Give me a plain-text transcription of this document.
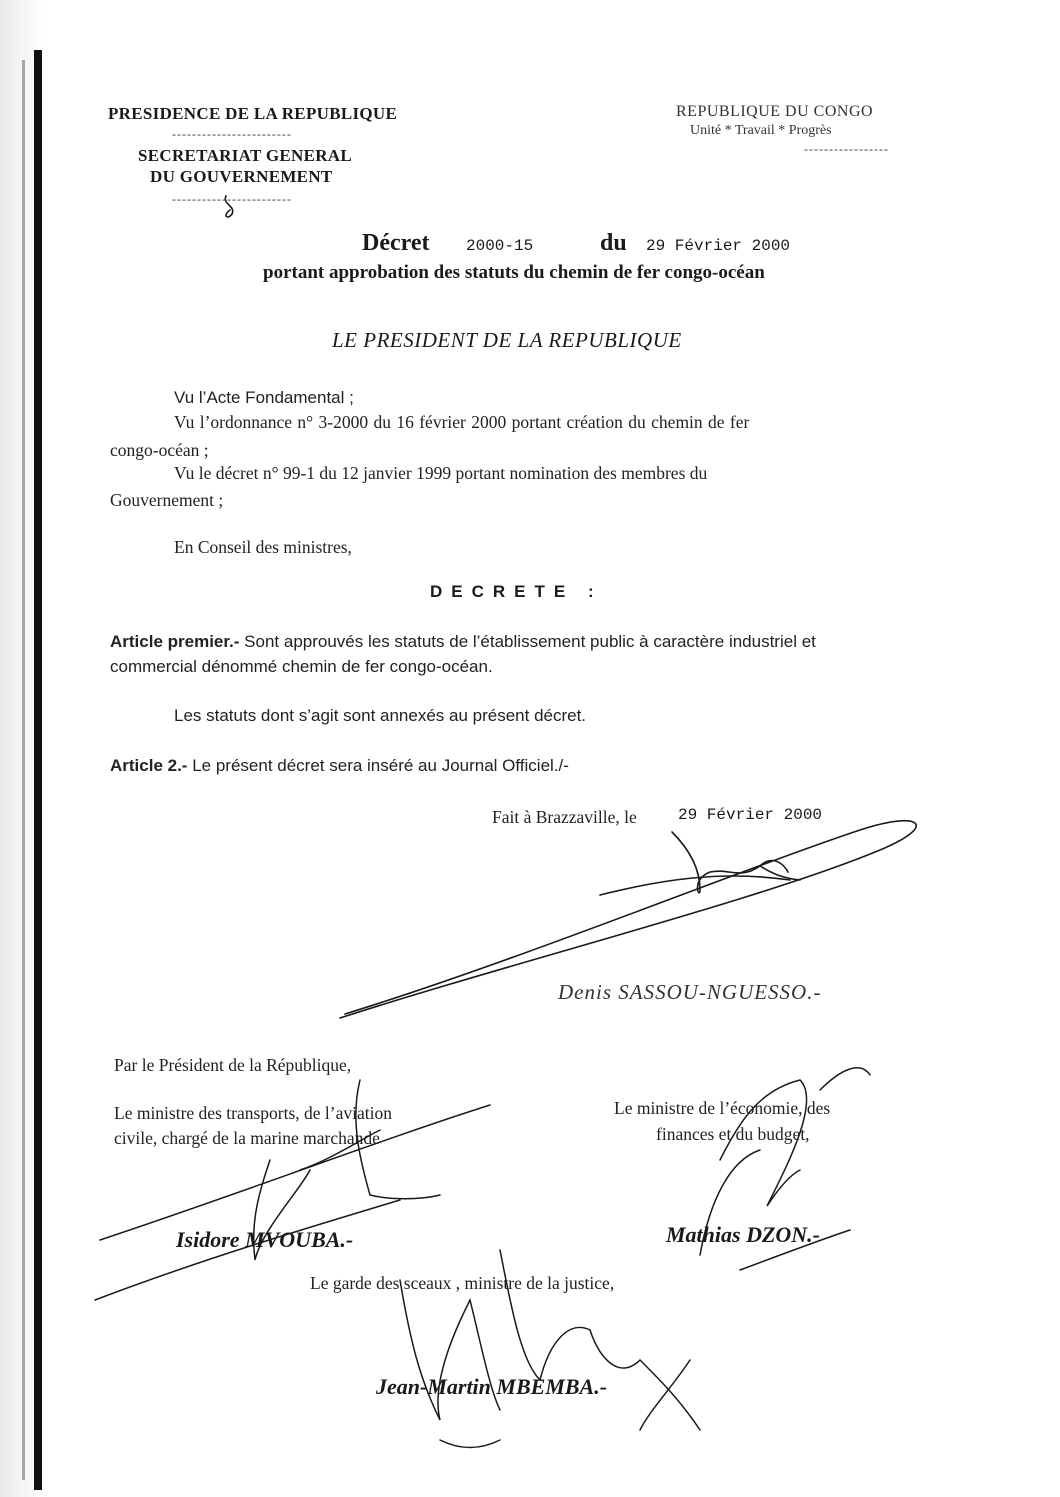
PRESIDENCE DE LA REPUBLIQUE
------------------------
SECRETARIAT GENERAL
DU GOUVERNEMENT
------------------------
REPUBLIQUE DU CONGO
Unité * Travail * Progrès
-----------------
Décret 2000-15	du 29 Février 2000
portant approbation des statuts du chemin de fer congo-océan
LE PRESIDENT DE LA REPUBLIQUE
Vu l’Acte Fondamental ;
Vu l’ordonnance n° 3-2000 du 16 février 2000 portant création du chemin de fer
congo-océan ;
Vu le décret n° 99-1 du 12 janvier 1999 portant nomination des membres du
Gouvernement ;
En Conseil des ministres,
DECRETE :
Article premier.- Sont approuvés les statuts de l’établissement public à caractère industriel et
commercial dénommé chemin de fer congo-océan.
Les statuts dont s’agit sont annexés au présent décret.
Article 2.- Le présent décret sera inséré au Journal Officiel./-
Fait à Brazzaville, le	29 Février 2000
Denis SASSOU-NGUESSO.-
Par le Président de la République,
Le ministre des transports, de l’aviation
civile, chargé de la marine marchande
Isidore MVOUBA.-
Le ministre de l’économie, des
finances et du budget,
Mathias DZON.-
Le garde des sceaux , ministre de la justice,
Jean-Martin MBEMBA.-
